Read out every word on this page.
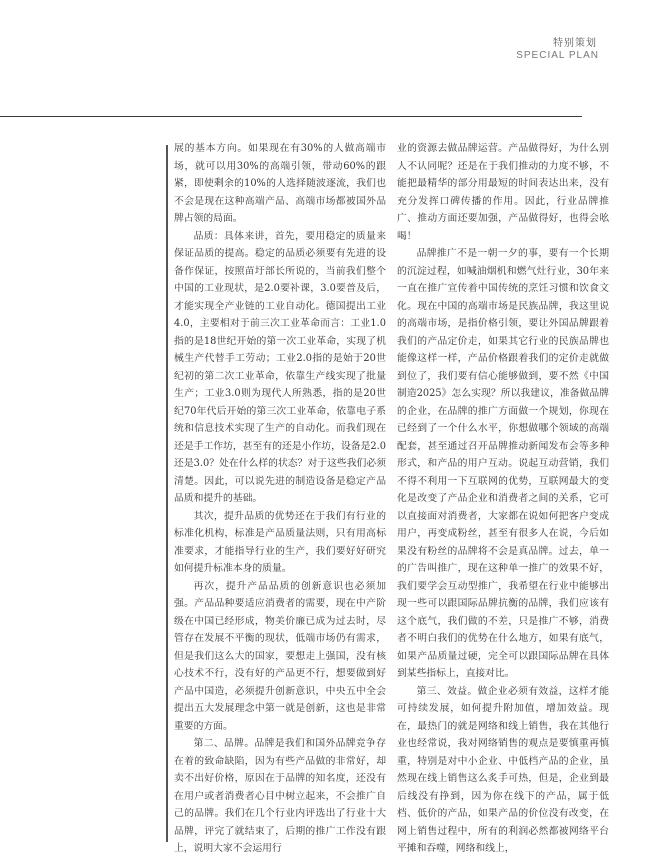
特别策划
SPECIAL PLAN

展的基本方向。如果现在有30%的人做高端市场，就可以用30%的高端引领，带动60%的跟紧，即使剩余的10%的人选择随波逐流，我们也不会是现在这种高端产品、高端市场都被国外品牌占领的局面。

品质：具体来讲，首先，要用稳定的质量来保证品质的提高。稳定的品质必须要有先进的设备作保证，按照苗圩部长所说的，当前我们整个中国的工业现状，是2.0要补课，3.0要普及后，才能实现全产业链的工业自动化。德国提出工业4.0，主要相对于前三次工业革命而言：工业1.0指的是18世纪开始的第一次工业革命，实现了机械生产代替手工劳动；工业2.0指的是始于20世纪初的第二次工业革命，依靠生产线实现了批量生产；工业3.0则为现代人所熟悉，指的是20世纪70年代后开始的第三次工业革命，依靠电子系统和信息技术实现了生产的自动化。而我们现在还是手工作坊，甚至有的还是小作坊，设备是2.0还是3.0？处在什么样的状态？对于这些我们必须清楚。因此，可以说先进的制造设备是稳定产品品质和提升的基础。

其次，提升品质的优势还在于我们有行业的标准化机构，标准是产品质量法则，只有用高标准要求，才能指导行业的生产，我们要好好研究如何提升标准本身的质量。

再次，提升产品品质的创新意识也必须加强。产品品种要适应消费者的需要，现在中产阶级在中国已经形成，物美价廉已成为过去时，尽管存在发展不平衡的现状，低端市场仍有需求，但是我们这么大的国家，要想走上强国，没有核心技术不行，没有好的产品更不行，想要做到好产品中国造，必须提升创新意识，中央五中全会提出五大发展理念中第一就是创新，这也是非常重要的方面。

第二、品牌。品牌是我们和国外品牌竞争存在着的致命缺陷，因为有些产品做的非常好，却卖不出好价格，原因在于品牌的知名度，还没有在用户或者消费者心目中树立起来，不会推广自己的品牌。我们在几个行业内评选出了行业十大品牌，评完了就结束了，后期的推广工作没有跟上，说明大家不会运用行

业的资源去做品牌运营。产品做得好，为什么别人不认同呢？还是在于我们推动的力度不够，不能把最精华的部分用最短的时间表达出来，没有充分发挥口碑传播的作用。因此，行业品牌推广、推动方面还要加强，产品做得好，也得会吆喝！

品牌推广不是一朝一夕的事，要有一个长期的沉淀过程，如喊油烟机和燃气灶行业，30年来一直在推广宣传着中国传统的烹饪习惯和饮食文化。现在中国的高端市场是民族品牌，我这里说的高端市场，是指价格引领，要让外国品牌跟着我们的产品定价走，如果其它行业的民族品牌也能像这样一样，产品价格跟着我们的定价走就做到位了，我们要有信心能够做到，要不然《中国制造2025》怎么实现？所以我建议，准备做品牌的企业，在品牌的推广方面做一个规划，你现在已经到了一个什么水平，你想做哪个领域的高端配套，甚至通过召开品牌推动新闻发布会等多种形式，和产品的用户互动。说起互动营销，我们不得不利用一下互联网的优势，互联网最大的变化是改变了产品企业和消费者之间的关系，它可以直接面对消费者，大家都在说如何把客户变成用户，再变成粉丝，甚至有很多人在说，今后如果没有粉丝的品牌将不会是真品牌。过去，单一的广告叫推广，现在这种单一推广的效果不好，我们要学会互动型推广，我希望在行业中能够出现一些可以跟国际品牌抗衡的品牌，我们应该有这个底气，我们做的不差，只是推广不够，消费者不明白我们的优势在什么地方，如果有底气，如果产品质量过硬，完全可以跟国际品牌在具体到某些指标上，直接对比。

第三、效益。做企业必须有效益，这样才能可持续发展，如何提升附加值，增加效益。现在，最热门的就是网络和线上销售，我在其他行业也经常说，我对网络销售的观点是要慎重再慎重，特别是对中小企业、中低档产品的企业，虽然现在线上销售这么炙手可热，但是，企业到最后线没有挣到，因为你在线下的产品，属于低档、低价的产品，如果产品的价位没有改变，在网上销售过程中，所有的利润必然都被网络平台平摊和吞噬，网络和线上，
